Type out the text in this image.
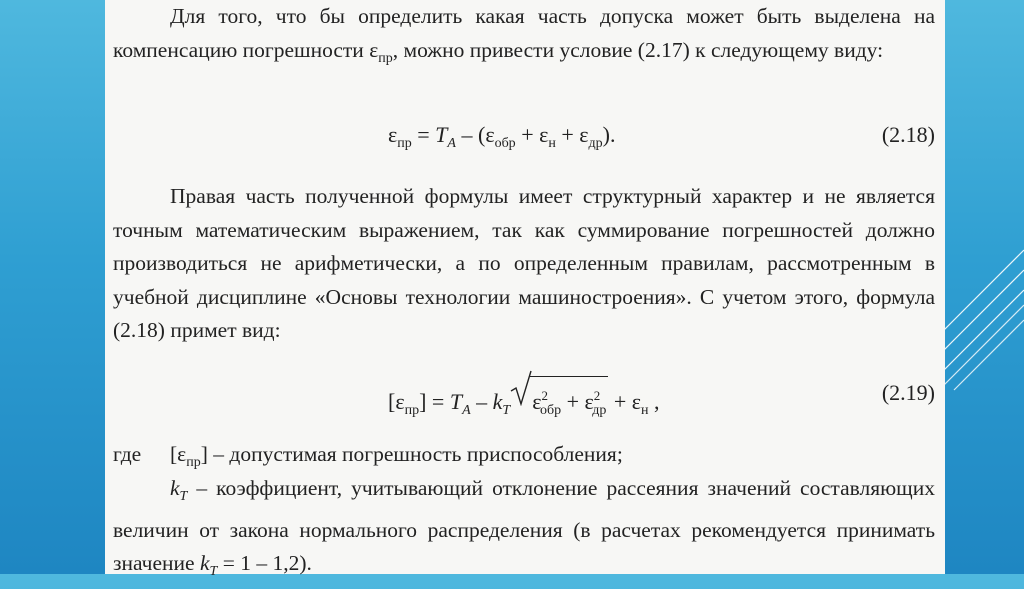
Для того, что бы определить какая часть допуска может быть выделена на компенсацию погрешности $\varepsilon_{пр}$, можно привести условие (2.17) к следующему виду:
$\varepsilon_{пр} = T_A - (\varepsilon_{обр} + \varepsilon_н + \varepsilon_{др})$.	(2.18)
Правая часть полученной формулы имеет структурный характер и не является точным математическим выражением, так как суммирование погрешностей должно производиться не арифметически, а по определенным правилам, рассмотренным в учебной дисциплине «Основы технологии машиностроения». С учетом этого, формула (2.18) примет вид:
$[\varepsilon_{пр}] = T_A - k_T$ $\varepsilon^2_{обр} + \varepsilon^2_{др} + \varepsilon_н$ ,	(2.19)
где $[\varepsilon_{пр}]$ – допустимая погрешность приспособления;
$k_T$ – коэффициент, учитывающий отклонение рассеяния значений составляющих величин от закона нормального распределения (в расчетах рекомендуется принимать значение $k_T = 1 - 1,2$).
